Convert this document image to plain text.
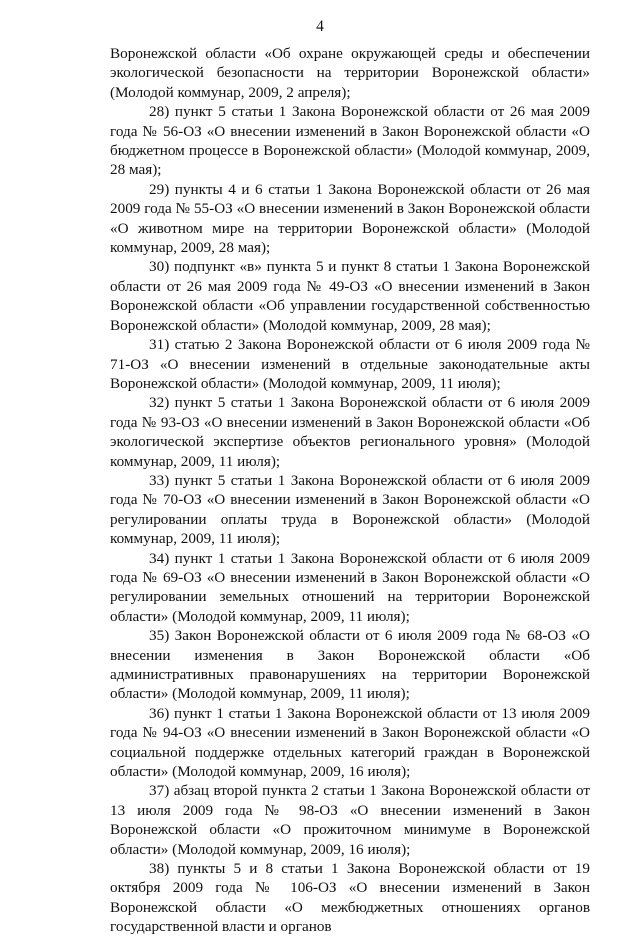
4

Воронежской области «Об охране окружающей среды и обеспечении экологической безопасности на территории Воронежской области» (Молодой коммунар, 2009, 2 апреля);

28) пункт 5 статьи 1 Закона Воронежской области от 26 мая 2009 года № 56-ОЗ «О внесении изменений в Закон Воронежской области «О бюджетном процессе в Воронежской области» (Молодой коммунар, 2009, 28 мая);

29) пункты 4 и 6 статьи 1 Закона Воронежской области от 26 мая 2009 года № 55-ОЗ «О внесении изменений в Закон Воронежской области «О животном мире на территории Воронежской области» (Молодой коммунар, 2009, 28 мая);

30) подпункт «в» пункта 5 и пункт 8 статьи 1 Закона Воронежской области от 26 мая 2009 года № 49-ОЗ «О внесении изменений в Закон Воронежской области «Об управлении государственной собственностью Воронежской области» (Молодой коммунар, 2009, 28 мая);

31) статью 2 Закона Воронежской области от 6 июля 2009 года № 71-ОЗ «О внесении изменений в отдельные законодательные акты Воронежской области» (Молодой коммунар, 2009, 11 июля);

32) пункт 5 статьи 1 Закона Воронежской области от 6 июля 2009 года № 93-ОЗ «О внесении изменений в Закон Воронежской области «Об экологической экспертизе объектов регионального уровня» (Молодой коммунар, 2009, 11 июля);

33) пункт 5 статьи 1 Закона Воронежской области от 6 июля 2009 года № 70-ОЗ «О внесении изменений в Закон Воронежской области «О регулировании оплаты труда в Воронежской области» (Молодой коммунар, 2009, 11 июля);

34) пункт 1 статьи 1 Закона Воронежской области от 6 июля 2009 года № 69-ОЗ «О внесении изменений в Закон Воронежской области «О регулировании земельных отношений на территории Воронежской области» (Молодой коммунар, 2009, 11 июля);

35) Закон Воронежской области от 6 июля 2009 года № 68-ОЗ «О внесении изменения в Закон Воронежской области «Об административных правонарушениях на территории Воронежской области» (Молодой коммунар, 2009, 11 июля);

36) пункт 1 статьи 1 Закона Воронежской области от 13 июля 2009 года № 94-ОЗ «О внесении изменений в Закон Воронежской области «О социальной поддержке отдельных категорий граждан в Воронежской области» (Молодой коммунар, 2009, 16 июля);

37) абзац второй пункта 2 статьи 1 Закона Воронежской области от 13 июля 2009 года № 98-ОЗ «О внесении изменений в Закон Воронежской области «О прожиточном минимуме в Воронежской области» (Молодой коммунар, 2009, 16 июля);

38) пункты 5 и 8 статьи 1 Закона Воронежской области от 19 октября 2009 года № 106-ОЗ «О внесении изменений в Закон Воронежской области «О межбюджетных отношениях органов государственной власти и органов
